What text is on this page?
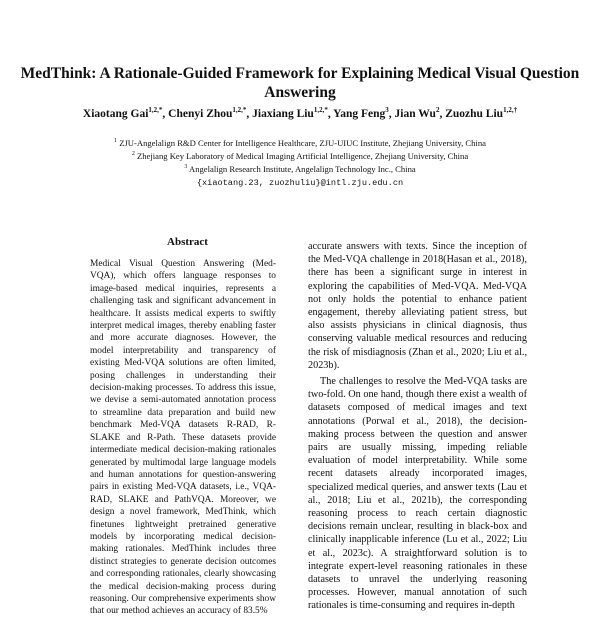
MedThink: A Rationale-Guided Framework for Explaining Medical Visual Question Answering
Xiaotang Gai$^{1,2,*}$, Chenyi Zhou$^{1,2,*}$, Jiaxiang Liu$^{1,2,*}$, Yang Feng$^3$, Jian Wu$^2$, Zuozhu Liu$^{1,2,\dagger}$
$^1$ ZJU-Angelalign R&D Center for Intelligence Healthcare, ZJU-UIUC Institute, Zhejiang University, China
$^2$ Zhejiang Key Laboratory of Medical Imaging Artificial Intelligence, Zhejiang University, China
$^3$ Angelalign Research Institute, Angelalign Technology Inc., China
{xiaotang.23, zuozhuliu}@intl.zju.edu.cn
Abstract
Medical Visual Question Answering (Med-VQA), which offers language responses to image-based medical inquiries, represents a challenging task and significant advancement in healthcare. It assists medical experts to swiftly interpret medical images, thereby enabling faster and more accurate diagnoses. However, the model interpretability and transparency of existing Med-VQA solutions are often limited, posing challenges in understanding their decision-making processes. To address this issue, we devise a semi-automated annotation process to streamline data preparation and build new benchmark Med-VQA datasets R-RAD, R-SLAKE and R-Path. These datasets provide intermediate medical decision-making rationales generated by multimodal large language models and human annotations for question-answering pairs in existing Med-VQA datasets, i.e., VQA-RAD, SLAKE and PathVQA. Moreover, we design a novel framework, MedThink, which finetunes lightweight pretrained generative models by incorporating medical decision-making rationales. MedThink includes three distinct strategies to generate decision outcomes and corresponding rationales, clearly showcasing the medical decision-making process during reasoning. Our comprehensive experiments show that our method achieves an accuracy of 83.5%

accurate answers with texts. Since the inception of the Med-VQA challenge in 2018(Hasan et al., 2018), there has been a significant surge in interest in exploring the capabilities of Med-VQA. Med-VQA not only holds the potential to enhance patient engagement, thereby alleviating patient stress, but also assists physicians in clinical diagnosis, thus conserving valuable medical resources and reducing the risk of misdiagnosis (Zhan et al., 2020; Liu et al., 2023b).

The challenges to resolve the Med-VQA tasks are two-fold. On one hand, though there exist a wealth of datasets composed of medical images and text annotations (Porwal et al., 2018), the decision-making process between the question and answer pairs are usually missing, impeding reliable evaluation of model interpretability. While some recent datasets already incorporated images, specialized medical queries, and answer texts (Lau et al., 2018; Liu et al., 2021b), the corresponding reasoning process to reach certain diagnostic decisions remain unclear, resulting in black-box and clinically inapplicable inference (Lu et al., 2022; Liu et al., 2023c). A straightforward solution is to integrate expert-level reasoning rationales in these datasets to unravel the underlying reasoning processes. However, manual annotation of such rationales is time-consuming and requires in-depth
